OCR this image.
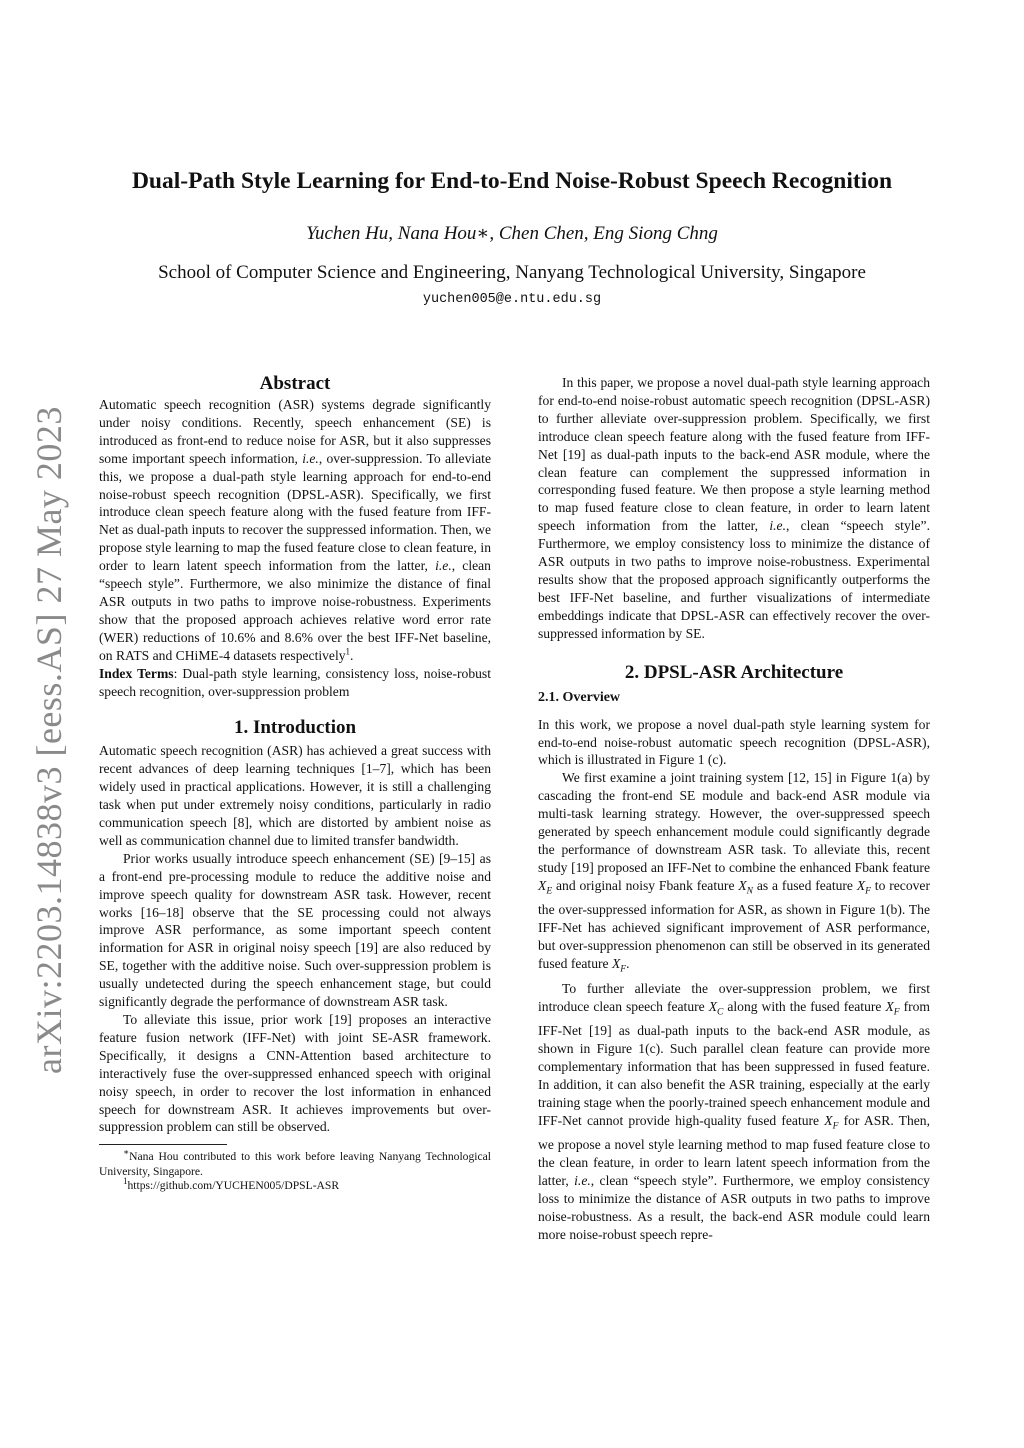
arXiv:2203.14838v3 [eess.AS] 27 May 2023
Dual-Path Style Learning for End-to-End Noise-Robust Speech Recognition
Yuchen Hu, Nana Hou∗, Chen Chen, Eng Siong Chng
School of Computer Science and Engineering, Nanyang Technological University, Singapore
yuchen005@e.ntu.edu.sg
Abstract

Automatic speech recognition (ASR) systems degrade significantly under noisy conditions. Recently, speech enhancement (SE) is introduced as front-end to reduce noise for ASR, but it also suppresses some important speech information, i.e., over-suppression. To alleviate this, we propose a dual-path style learning approach for end-to-end noise-robust speech recognition (DPSL-ASR). Specifically, we first introduce clean speech feature along with the fused feature from IFF-Net as dual-path inputs to recover the suppressed information. Then, we propose style learning to map the fused feature close to clean feature, in order to learn latent speech information from the latter, i.e., clean “speech style”. Furthermore, we also minimize the distance of final ASR outputs in two paths to improve noise-robustness. Experiments show that the proposed approach achieves relative word error rate (WER) reductions of 10.6% and 8.6% over the best IFF-Net baseline, on RATS and CHiME-4 datasets respectively$^1$.

Index Terms: Dual-path style learning, consistency loss, noise-robust speech recognition, over-suppression problem

1. Introduction

Automatic speech recognition (ASR) has achieved a great success with recent advances of deep learning techniques [1–7], which has been widely used in practical applications. However, it is still a challenging task when put under extremely noisy conditions, particularly in radio communication speech [8], which are distorted by ambient noise as well as communication channel due to limited transfer bandwidth.

Prior works usually introduce speech enhancement (SE) [9–15] as a front-end pre-processing module to reduce the additive noise and improve speech quality for downstream ASR task. However, recent works [16–18] observe that the SE processing could not always improve ASR performance, as some important speech content information for ASR in original noisy speech [19] are also reduced by SE, together with the additive noise. Such over-suppression problem is usually undetected during the speech enhancement stage, but could significantly degrade the performance of downstream ASR task.

To alleviate this issue, prior work [19] proposes an interactive feature fusion network (IFF-Net) with joint SE-ASR framework. Specifically, it designs a CNN-Attention based architecture to interactively fuse the over-suppressed enhanced speech with original noisy speech, in order to recover the lost information in enhanced speech for downstream ASR. It achieves improvements but over-suppression problem can still be observed.

∗Nana Hou contributed to this work before leaving Nanyang Technological University, Singapore.

$^1$https://github.com/YUCHEN005/DPSL-ASR

In this paper, we propose a novel dual-path style learning approach for end-to-end noise-robust automatic speech recognition (DPSL-ASR) to further alleviate over-suppression problem. Specifically, we first introduce clean speech feature along with the fused feature from IFF-Net [19] as dual-path inputs to the back-end ASR module, where the clean feature can complement the suppressed information in corresponding fused feature. We then propose a style learning method to map fused feature close to clean feature, in order to learn latent speech information from the latter, i.e., clean “speech style”. Furthermore, we employ consistency loss to minimize the distance of ASR outputs in two paths to improve noise-robustness. Experimental results show that the proposed approach significantly outperforms the best IFF-Net baseline, and further visualizations of intermediate embeddings indicate that DPSL-ASR can effectively recover the over-suppressed information by SE.

2. DPSL-ASR Architecture
2.1. Overview

In this work, we propose a novel dual-path style learning system for end-to-end noise-robust automatic speech recognition (DPSL-ASR), which is illustrated in Figure 1 (c).

We first examine a joint training system [12, 15] in Figure 1(a) by cascading the front-end SE module and back-end ASR module via multi-task learning strategy. However, the over-suppressed speech generated by speech enhancement module could significantly degrade the performance of downstream ASR task. To alleviate this, recent study [19] proposed an IFF-Net to combine the enhanced Fbank feature $X_E$ and original noisy Fbank feature $X_N$ as a fused feature $X_F$ to recover the over-suppressed information for ASR, as shown in Figure 1(b). The IFF-Net has achieved significant improvement of ASR performance, but over-suppression phenomenon can still be observed in its generated fused feature $X_F$.

To further alleviate the over-suppression problem, we first introduce clean speech feature $X_C$ along with the fused feature $X_F$ from IFF-Net [19] as dual-path inputs to the back-end ASR module, as shown in Figure 1(c). Such parallel clean feature can provide more complementary information that has been suppressed in fused feature. In addition, it can also benefit the ASR training, especially at the early training stage when the poorly-trained speech enhancement module and IFF-Net cannot provide high-quality fused feature $X_F$ for ASR. Then, we propose a novel style learning method to map fused feature close to the clean feature, in order to learn latent speech information from the latter, i.e., clean “speech style”. Furthermore, we employ consistency loss to minimize the distance of ASR outputs in two paths to improve noise-robustness. As a result, the back-end ASR module could learn more noise-robust speech repre-
